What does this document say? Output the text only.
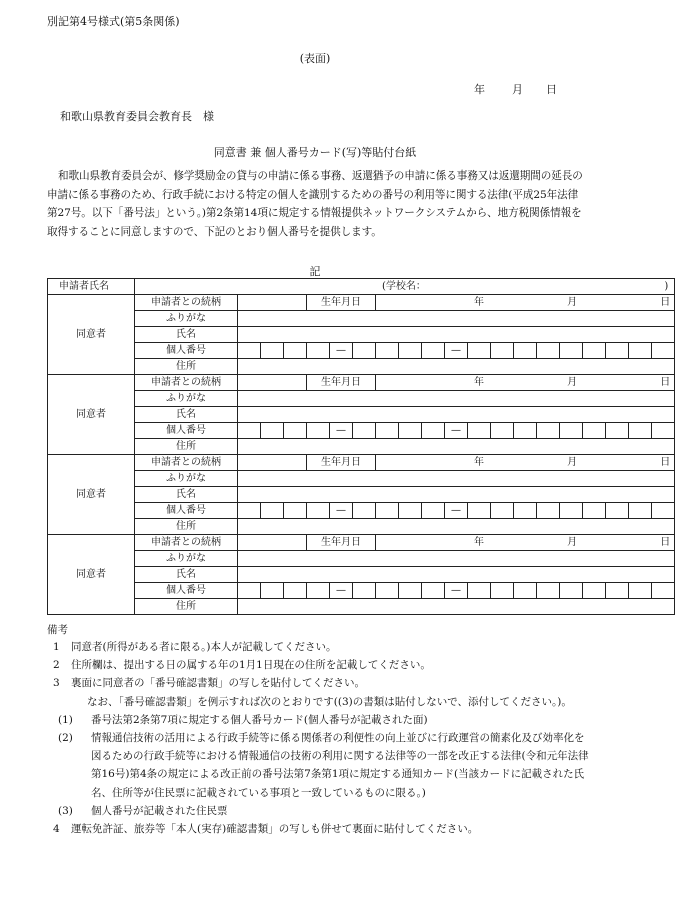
別記第4号様式(第5条関係)
(表面)
年 月 日
和歌山県教育委員会教育長　様
同意書 兼 個人番号カード(写)等貼付台紙
和歌山県教育委員会が、修学奨励金の貸与の申請に係る事務、返還猶予の申請に係る事務又は返還期間の延長の申請に係る事務のため、行政手続における特定の個人を識別するための番号の利用等に関する法律(平成25年法律第27号。以下「番号法」という。)第2条第14項に規定する情報提供ネットワークシステムから、地方税関係情報を取得することに同意しますので、下記のとおり個人番号を提供します。
記
申請者氏名	(学校名： )																			

同意者	申請者との続柄				生年月日			年 月 日												

	ふりがな																			
	氏名																			
	個人番号					—					—									
	住所																			
同意者	申請者との続柄				生年月日			年 月 日												

	ふりがな																			
	氏名																			
	個人番号					—					—									
	住所																			
同意者	申請者との続柄				生年月日			年 月 日												

	ふりがな																			
	氏名																			
	個人番号					—					—									
	住所																			
同意者	申請者との続柄				生年月日			年 月 日												

	ふりがな																			
	氏名																			
	個人番号					—					—									
	住所																			
備考
1 同意者(所得がある者に限る。)本人が記載してください。
2 住所欄は、提出する日の属する年の1月1日現在の住所を記載してください。
3 裏面に同意者の「番号確認書類」の写しを貼付してください。
なお、「番号確認書類」を例示すれば次のとおりです((3)の書類は貼付しないで、添付してください。)。
(1) 番号法第2条第7項に規定する個人番号カード(個人番号が記載された面)
(2) 情報通信技術の活用による行政手続等に係る関係者の利便性の向上並びに行政運営の簡素化及び効率化を図るための行政手続等における情報通信の技術の利用に関する法律等の一部を改正する法律(令和元年法律第16号)第4条の規定による改正前の番号法第7条第1項に規定する通知カード(当該カードに記載された氏名、住所等が住民票に記載されている事項と一致しているものに限る。)
(3) 個人番号が記載された住民票
4 運転免許証、旅券等「本人(実存)確認書類」の写しも併せて裏面に貼付してください。
